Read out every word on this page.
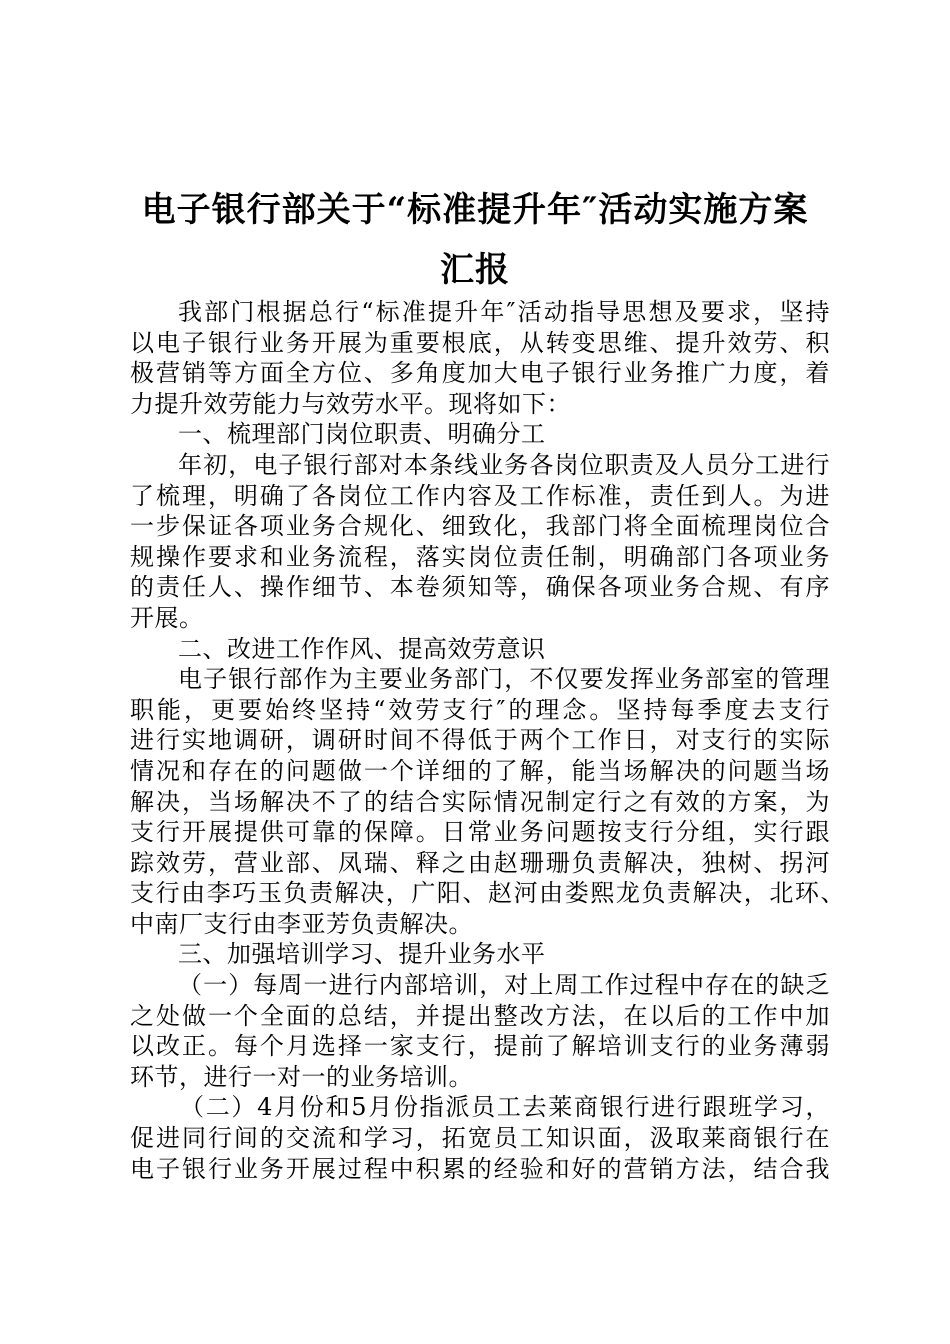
电子银行部关于“标准提升年″活动实施方案
汇报
我部门根据总行“标准提升年″活动指导思想及要求，坚持
以电子银行业务开展为重要根底，从转变思维、提升效劳、积
极营销等方面全方位、多角度加大电子银行业务推广力度，着
力提升效劳能力与效劳水平。现将如下：
一、梳理部门岗位职责、明确分工
年初，电子银行部对本条线业务各岗位职责及人员分工进行
了梳理，明确了各岗位工作内容及工作标准，责任到人。为进
一步保证各项业务合规化、细致化，我部门将全面梳理岗位合
规操作要求和业务流程，落实岗位责任制，明确部门各项业务
的责任人、操作细节、本卷须知等，确保各项业务合规、有序
开展。
二、改进工作作风、提高效劳意识
电子银行部作为主要业务部门，不仅要发挥业务部室的管理
职能，更要始终坚持“效劳支行″的理念。坚持每季度去支行
进行实地调研，调研时间不得低于两个工作日，对支行的实际
情况和存在的问题做一个详细的了解，能当场解决的问题当场
解决，当场解决不了的结合实际情况制定行之有效的方案，为
支行开展提供可靠的保障。日常业务问题按支行分组，实行跟
踪效劳，营业部、凤瑞、释之由赵珊珊负责解决，独树、拐河
支行由李巧玉负责解决，广阳、赵河由娄熙龙负责解决，北环、
中南厂支行由李亚芳负责解决。
三、加强培训学习、提升业务水平
（一）每周一进行内部培训，对上周工作过程中存在的缺乏
之处做一个全面的总结，并提出整改方法，在以后的工作中加
以改正。每个月选择一家支行，提前了解培训支行的业务薄弱
环节，进行一对一的业务培训。
（二）4月份和5月份指派员工去莱商银行进行跟班学习，
促进同行间的交流和学习，拓宽员工知识面，汲取莱商银行在
电子银行业务开展过程中积累的经验和好的营销方法，结合我
